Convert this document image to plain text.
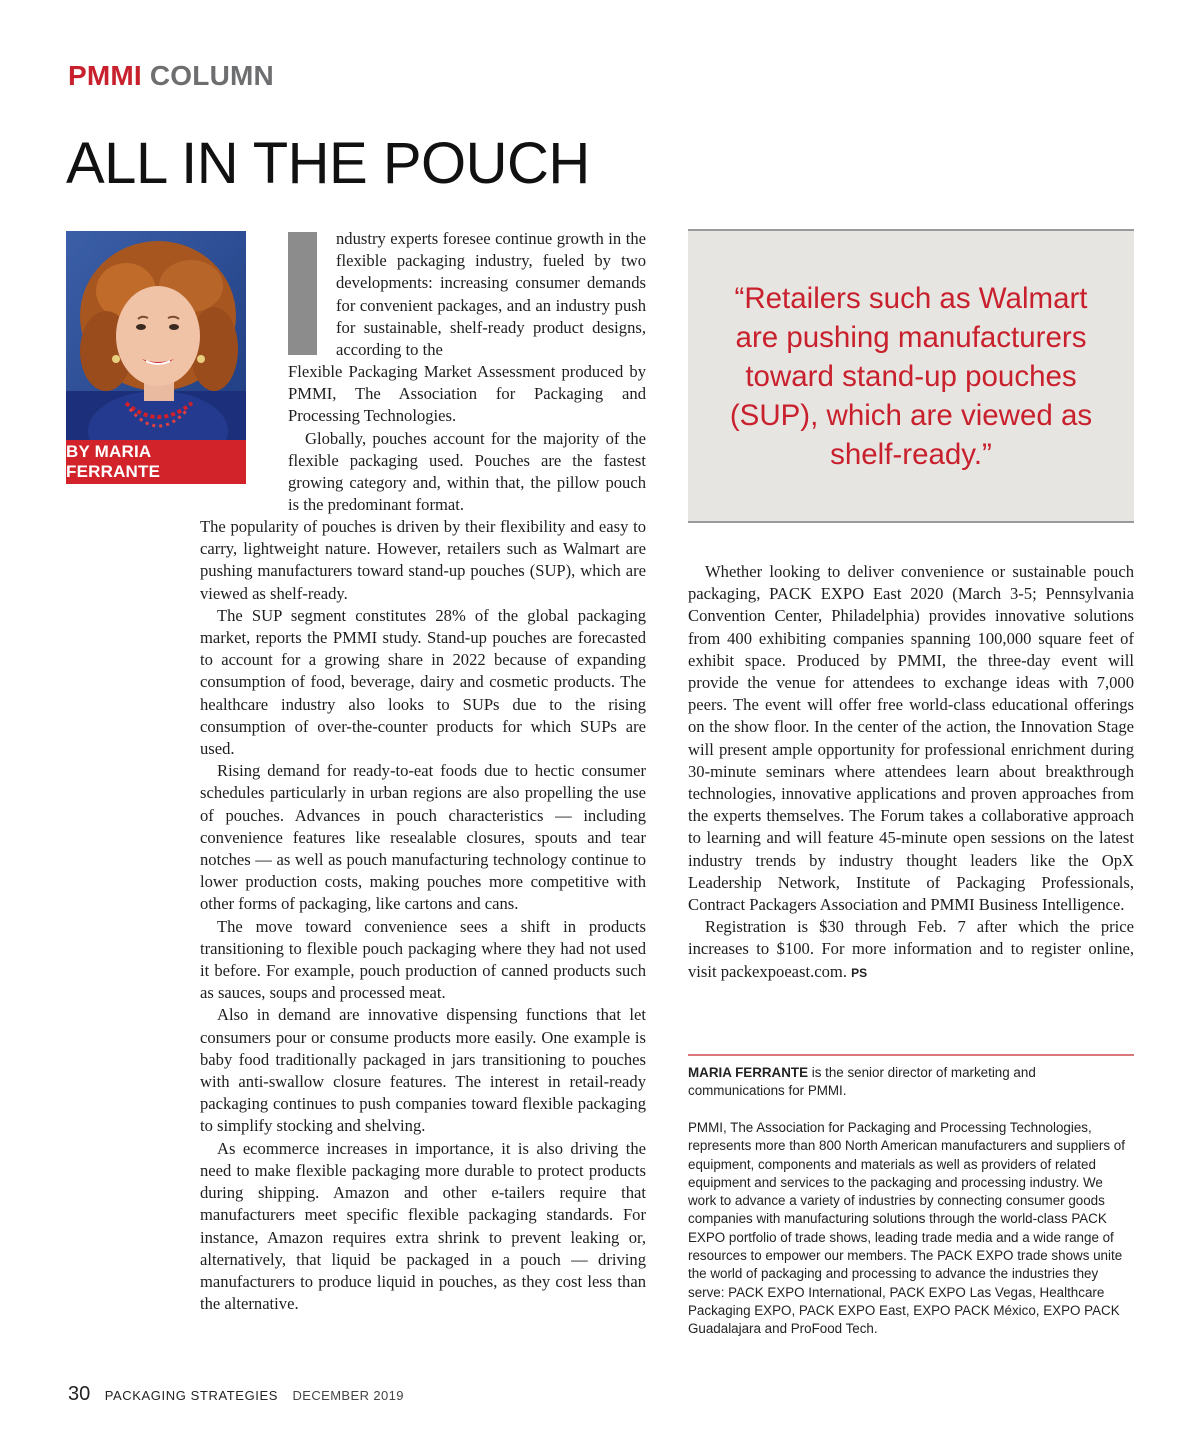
PMMI COLUMN
ALL IN THE POUCH
BY MARIA FERRANTE
ndustry experts foresee continue growth in the flexible packaging industry, fueled by two developments: increasing consumer demands for convenient packages, and an industry push for sustainable, shelf-ready product designs, according to the

Flexible Packaging Market Assessment produced by PMMI, The Association for Packaging and Processing Technologies.

Globally, pouches account for the majority of the flexible packaging used. Pouches are the fastest growing category and, within that, the pillow pouch is the predominant format.

The popularity of pouches is driven by their flexibility and easy to carry, lightweight nature. However, retailers such as Walmart are pushing manufacturers toward stand-up pouches (SUP), which are viewed as shelf-ready.

The SUP segment constitutes 28% of the global packaging market, reports the PMMI study. Stand-up pouches are forecasted to account for a growing share in 2022 because of expanding consumption of food, beverage, dairy and cosmetic products. The healthcare industry also looks to SUPs due to the rising consumption of over-the-counter products for which SUPs are used.

Rising demand for ready-to-eat foods due to hectic consumer schedules particularly in urban regions are also propelling the use of pouches. Advances in pouch characteristics — including convenience features like resealable closures, spouts and tear notches — as well as pouch manufacturing technology continue to lower production costs, making pouches more competitive with other forms of packaging, like cartons and cans.

The move toward convenience sees a shift in products transitioning to flexible pouch packaging where they had not used it before. For example, pouch production of canned products such as sauces, soups and processed meat.

Also in demand are innovative dispensing functions that let consumers pour or consume products more easily. One example is baby food traditionally packaged in jars transitioning to pouches with anti-swallow closure features. The interest in retail-ready packaging continues to push companies toward flexible packaging to simplify stocking and shelving.

As ecommerce increases in importance, it is also driving the need to make flexible packaging more durable to protect products during shipping. Amazon and other e-tailers require that manufacturers meet specific flexible packaging standards. For instance, Amazon requires extra shrink to prevent leaking or, alternatively, that liquid be packaged in a pouch — driving manufacturers to produce liquid in pouches, as they cost less than the alternative.

“Retailers such as Walmart are pushing manufacturers toward stand-up pouches (SUP), which are viewed as shelf-ready.”

Whether looking to deliver convenience or sustainable pouch packaging, PACK EXPO East 2020 (March 3-5; Pennsylvania Convention Center, Philadelphia) provides innovative solutions from 400 exhibiting companies spanning 100,000 square feet of exhibit space. Produced by PMMI, the three-day event will provide the venue for attendees to exchange ideas with 7,000 peers. The event will offer free world-class educational offerings on the show floor. In the center of the action, the Innovation Stage will present ample opportunity for professional enrichment during 30-minute seminars where attendees learn about breakthrough technologies, innovative applications and proven approaches from the experts themselves. The Forum takes a collaborative approach to learning and will feature 45-minute open sessions on the latest industry trends by industry thought leaders like the OpX Leadership Network, Institute of Packaging Professionals, Contract Packagers Association and PMMI Business Intelligence.

Registration is $30 through Feb. 7 after which the price increases to $100. For more information and to register online, visit packexpoeast.com. PS

MARIA FERRANTE is the senior director of marketing and communications for PMMI.
PMMI, The Association for Packaging and Processing Technologies, represents more than 800 North American manufacturers and suppliers of equipment, components and materials as well as providers of related equipment and services to the packaging and processing industry. We work to advance a variety of industries by connecting consumer goods companies with manufacturing solutions through the world-class PACK EXPO portfolio of trade shows, leading trade media and a wide range of resources to empower our members. The PACK EXPO trade shows unite the world of packaging and processing to advance the industries they serve: PACK EXPO International, PACK EXPO Las Vegas, Healthcare Packaging EXPO, PACK EXPO East, EXPO PACK México, EXPO PACK Guadalajara and ProFood Tech.
30 PACKAGING STRATEGIES DECEMBER 2019
